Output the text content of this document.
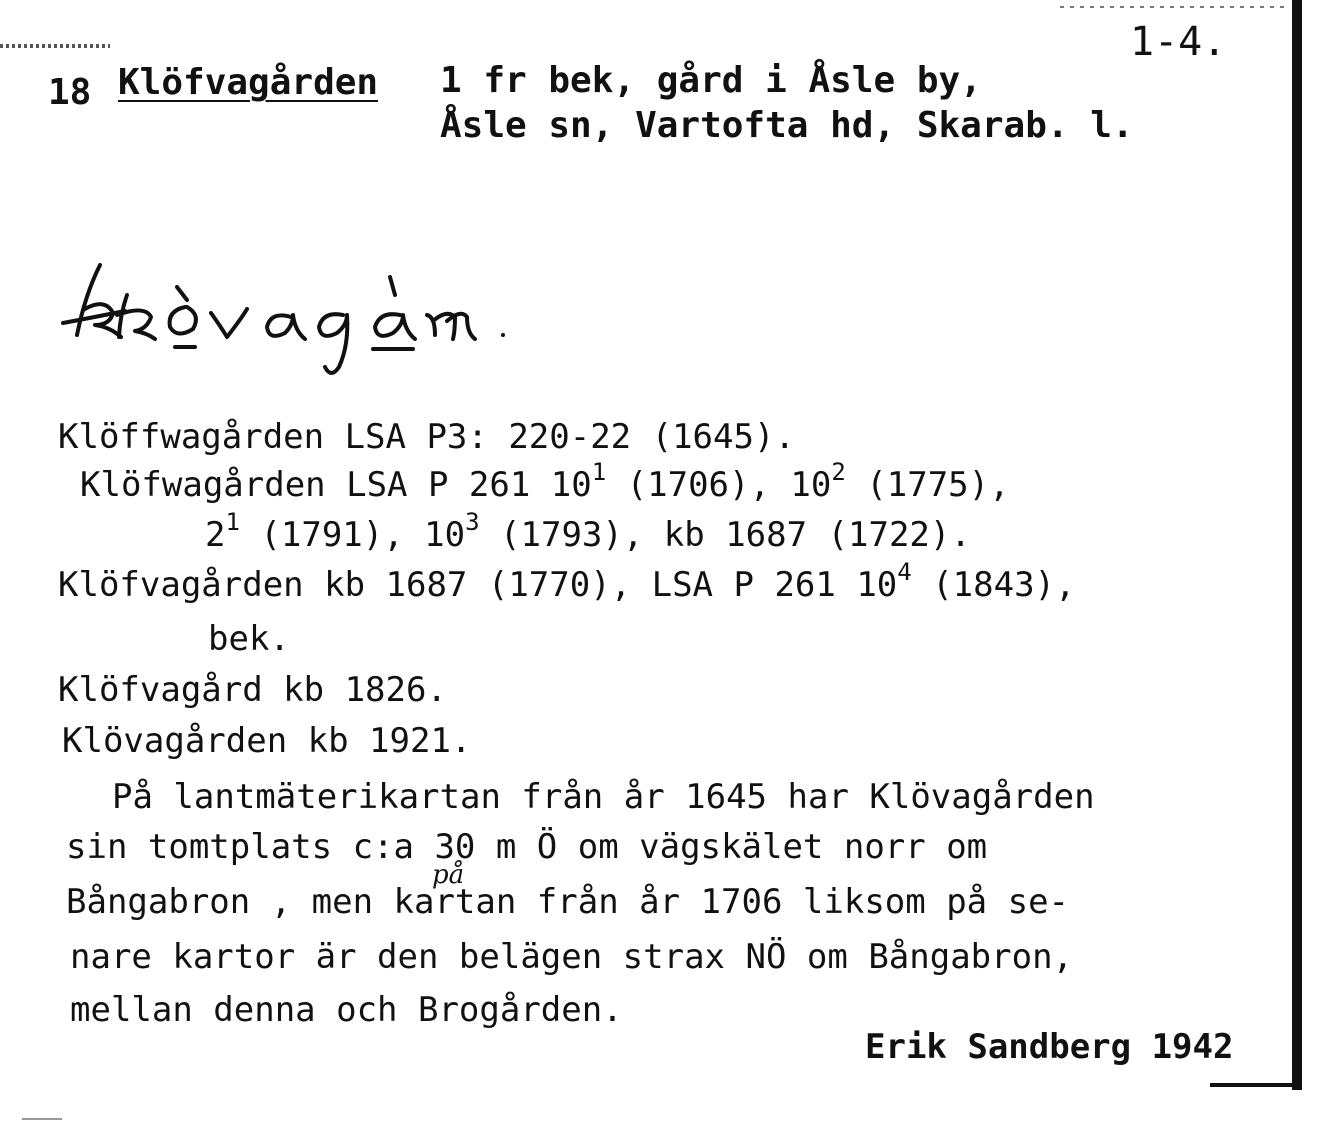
18 Klöfvagården 1 fr bek, gård i Åsle by,
Åsle sn, Vartofta hd, Skarab. l.
1-4.
Klöffwagården LSA P3: 220-22 (1645).
Klöfwagården LSA P 261 $10^1$ (1706), $10^2$ (1775),
$2^1$ (1791), $10^3$ (1793), kb 1687 (1722).
Klöfvagården kb 1687 (1770), LSA P 261 $10^4$ (1843),
bek.
Klöfvagård kb 1826.
Klövagården kb 1921.
På lantmäterikartan från år 1645 har Klövagården
sin tomtplats c:a 30 m Ö om vägskälet norr om
på
Bångabron , men kartan från år 1706 liksom på se-
nare kartor är den belägen strax NÖ om Bångabron,
mellan denna och Brogården.
Erik Sandberg 1942
